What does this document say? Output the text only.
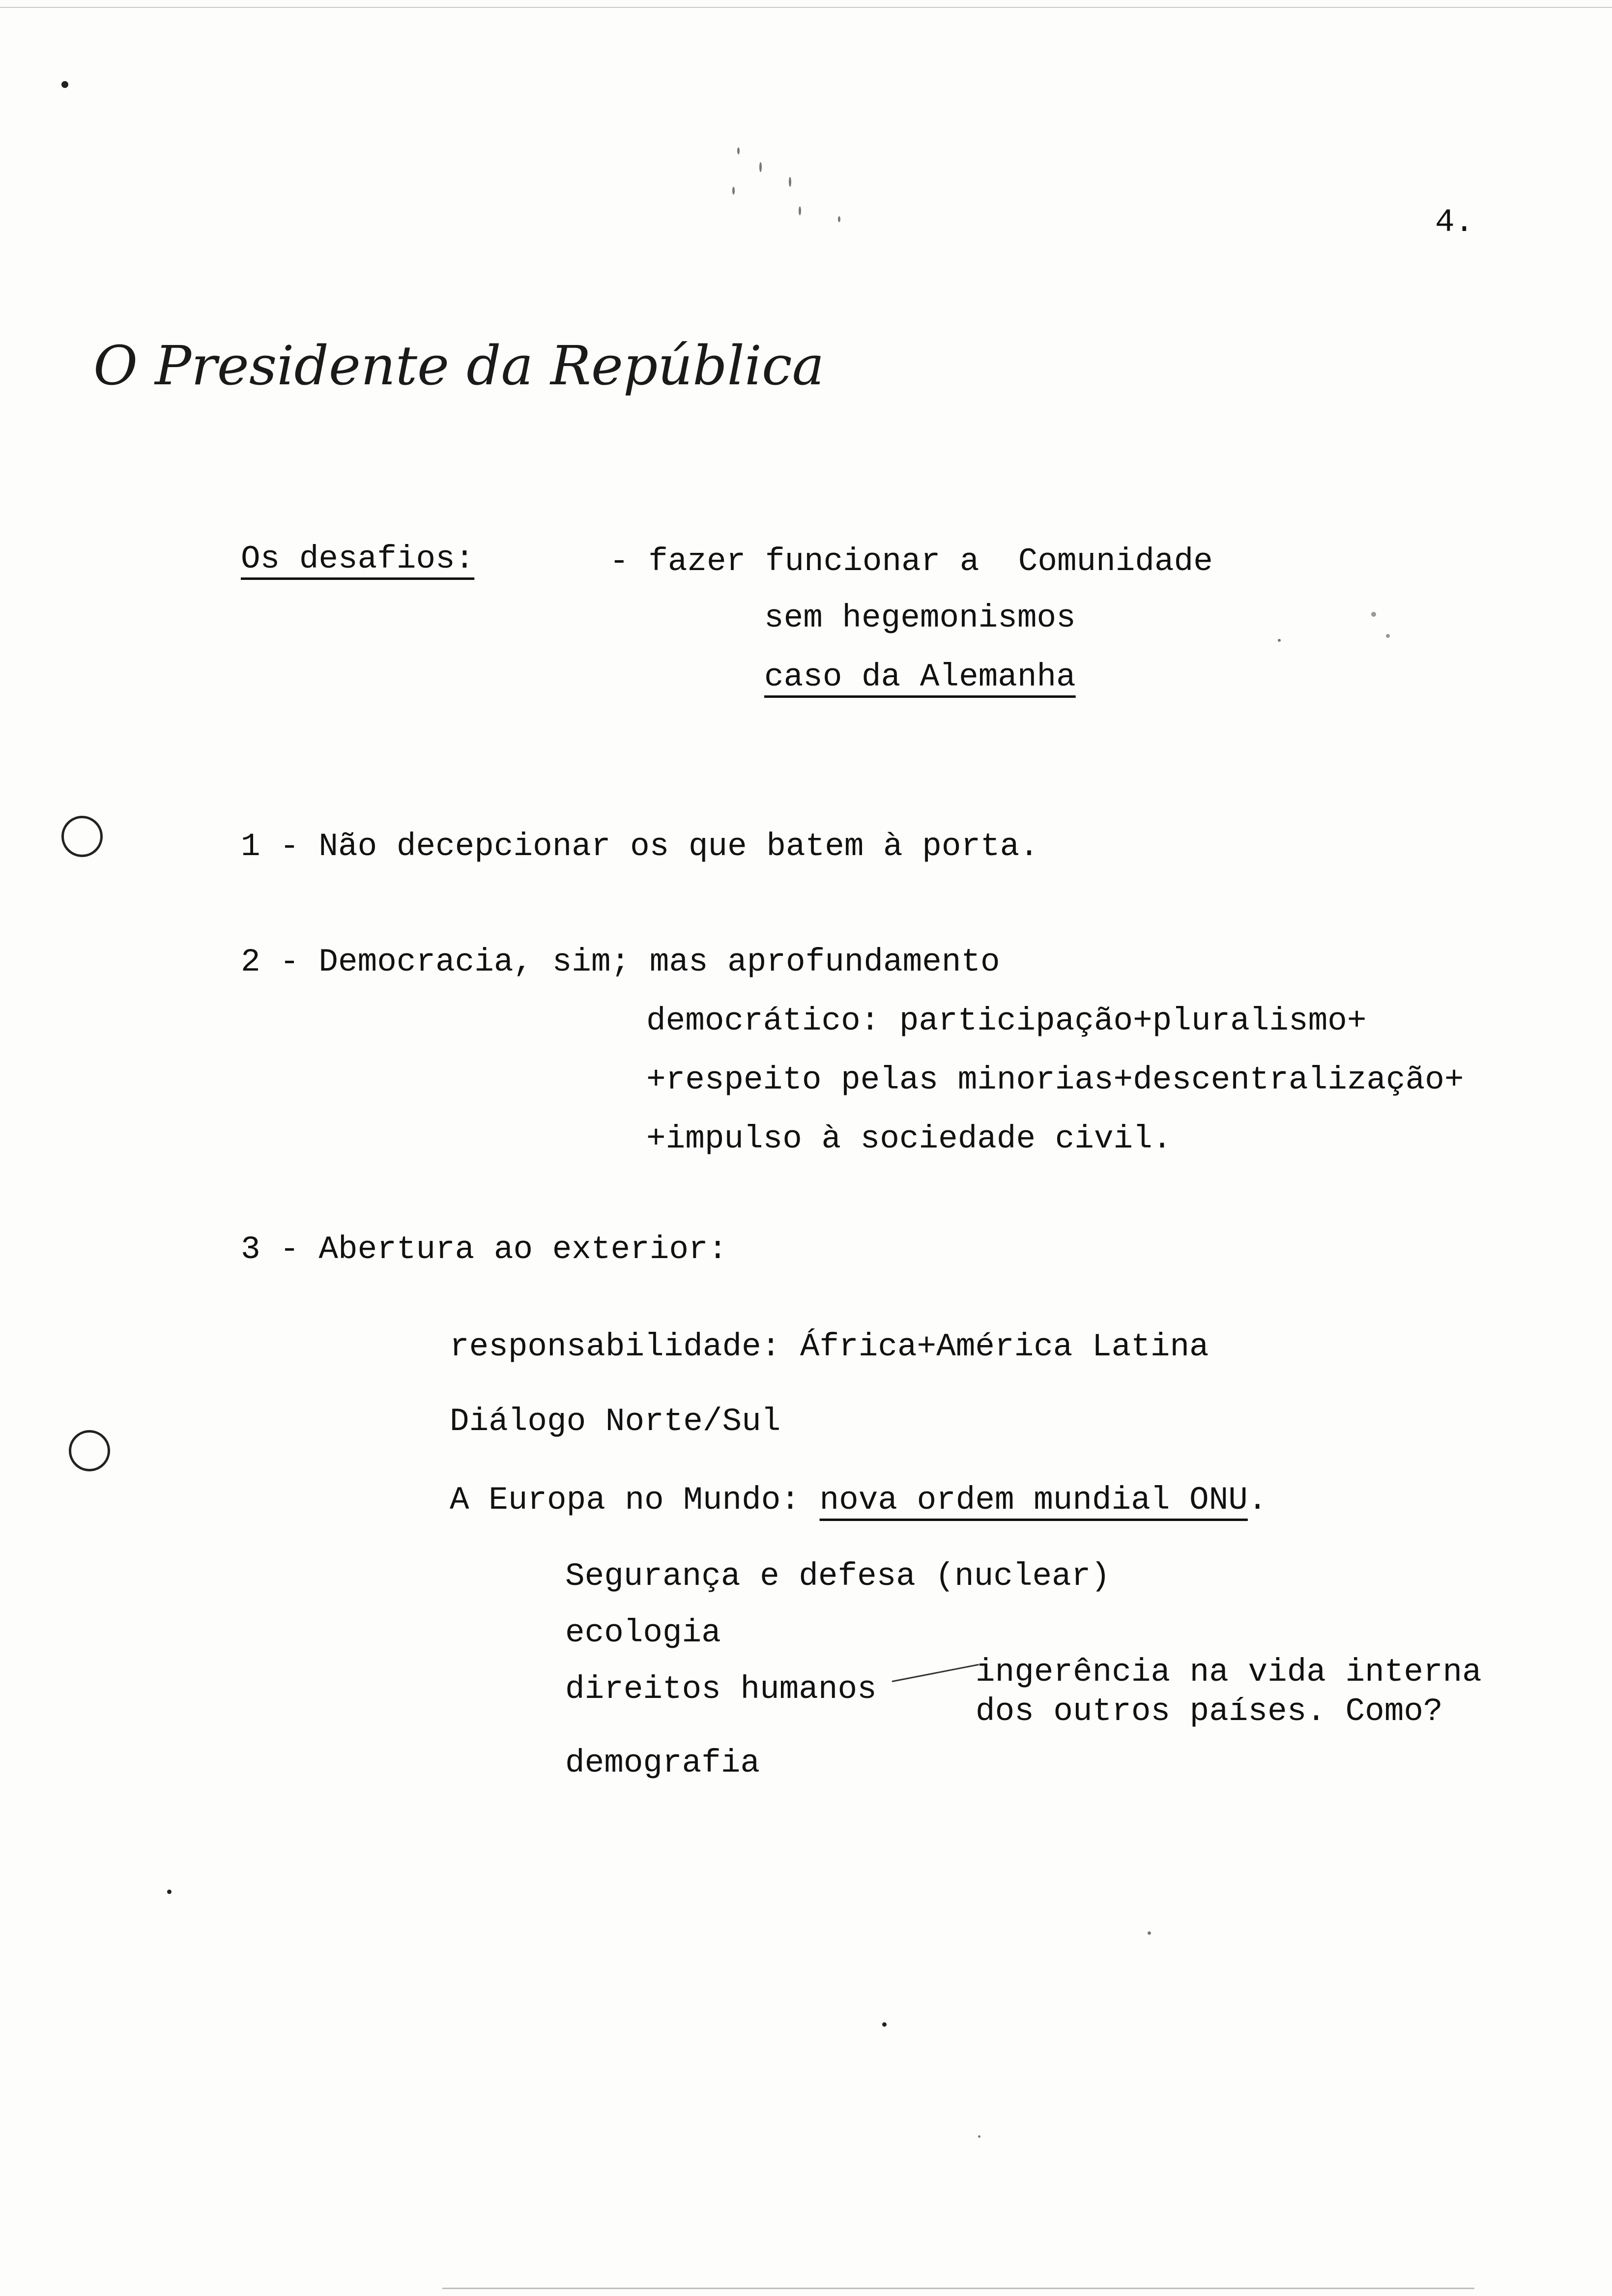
4.
O Presidente da República
Os desafios:	- fazer funcionar a  Comunidade
sem hegemonismos
caso da Alemanha
1 - Não decepcionar os que batem à porta.
2 - Democracia, sim; mas aprofundamento
democrático: participação+pluralismo+
+respeito pelas minorias+descentralização+
+impulso à sociedade civil.
3 - Abertura ao exterior:
responsabilidade: África+América Latina
Diálogo Norte/Sul
A Europa no Mundo: nova ordem mundial ONU.
Segurança e defesa (nuclear)
ecologia
direitos humanos	ingerência na vida interna
dos outros países. Como?
demografia
